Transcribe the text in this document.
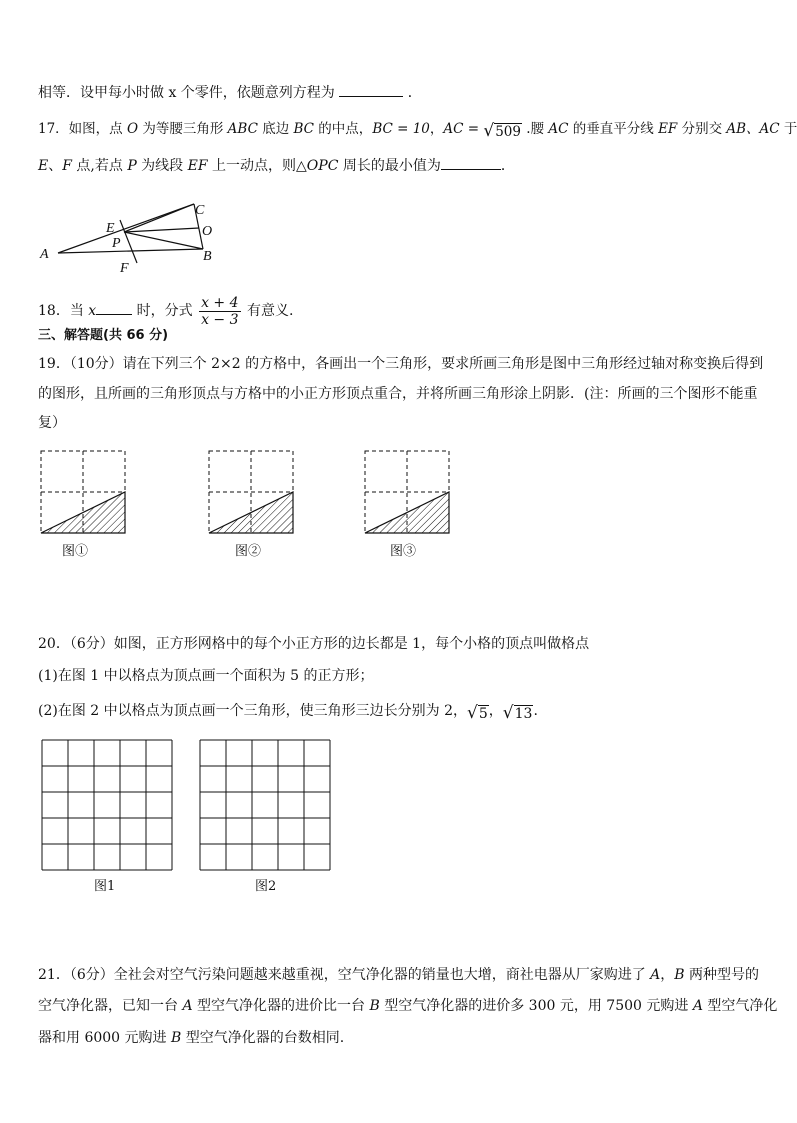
相等．设甲每小时做 x 个零件，依题意列方程为	．
17．如图，点 O 为等腰三角形 ABC 底边 BC 的中点，BC = 10，AC = √ 509 .腰 AC 的垂直平分线 EF 分别交 AB、AC 于
E、F 点,若点 P 为线段 EF 上一动点，则△OPC 周长的最小值为	．
A	B
C
E
F
O
P
18．当 x	时，分式 $\frac{x + 4}{x - 3}$ 有意义.
三、解答题(共 66 分)
19．（10分）请在下列三个 2×2 的方格中，各画出一个三角形，要求所画三角形是图中三角形经过轴对称变换后得到
的图形，且所画的三角形顶点与方格中的小正方形顶点重合，并将所画三角形涂上阴影．(注：所画的三个图形不能重
复）
图①	图②	图③
20．（6分）如图，正方形网格中的每个小正方形的边长都是 1，每个小格的顶点叫做格点
(1)在图 1 中以格点为顶点画一个面积为 5 的正方形；
(2)在图 2 中以格点为顶点画一个三角形，使三角形三边长分别为 2， √ 5 ， √ 13 .
图1	图2
21．（6分）全社会对空气污染问题越来越重视，空气净化器的销量也大增，商社电器从厂家购进了 A，B 两种型号的
空气净化器，已知一台 A 型空气净化器的进价比一台 B 型空气净化器的进价多 300 元，用 7500 元购进 A 型空气净化
器和用 6000 元购进 B 型空气净化器的台数相同.
